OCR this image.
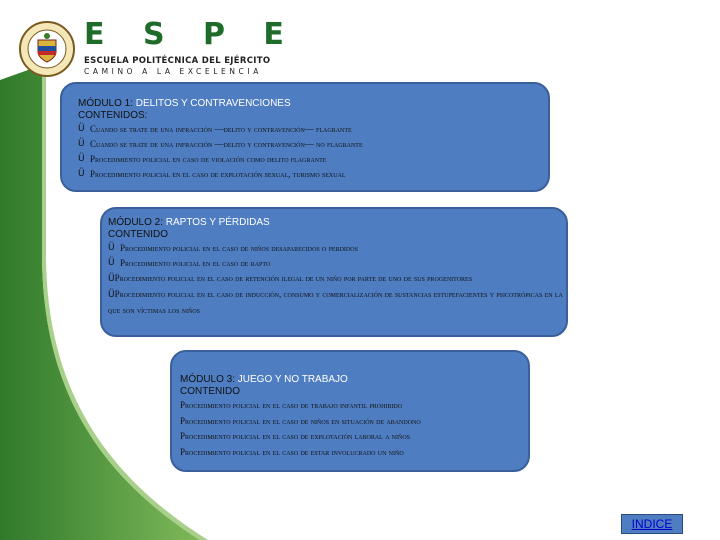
E S P E
ESCUELA POLITÉCNICA DEL EJÉRCITO
CAMINO A LA EXCELENCIA
MÓDULO 1: DELITOS Y CONTRAVENCIONES
CONTENIDOS:
Ü Cuando se trate de una infracción —delito y contravención— flagrante
Ü Cuando se trate de una infracción —delito y contravención— no flagrante
Ü Procedimiento policial en caso de violación como delito flagrante
Ü Procedimiento policial en el caso de explotación sexual, turismo sexual
MÓDULO 2: RAPTOS Y PÉRDIDAS
CONTENIDO
Ü Procedimiento policial en el caso de niños desaparecidos o perdidos
Ü Procedimiento policial en el caso de rapto
ÜProcedimiento policial en el caso de retención ilegal de un niño por parte de uno de sus progenitores
ÜProcedimiento policial en el caso de inducción, consumo y comercialización de sustancias estupefacientes y psicotrópicas en la que son víctimas los niños
MÓDULO 3: JUEGO Y NO TRABAJO
CONTENIDO
Procedimiento policial en el caso de trabajo infantil prohibido
Procedimiento policial en el caso de niños en situación de abandono
Procedimiento policial en el caso de explotación laboral a niños
Procedimiento policial en el caso de estar involucrado un niño
INDICE
